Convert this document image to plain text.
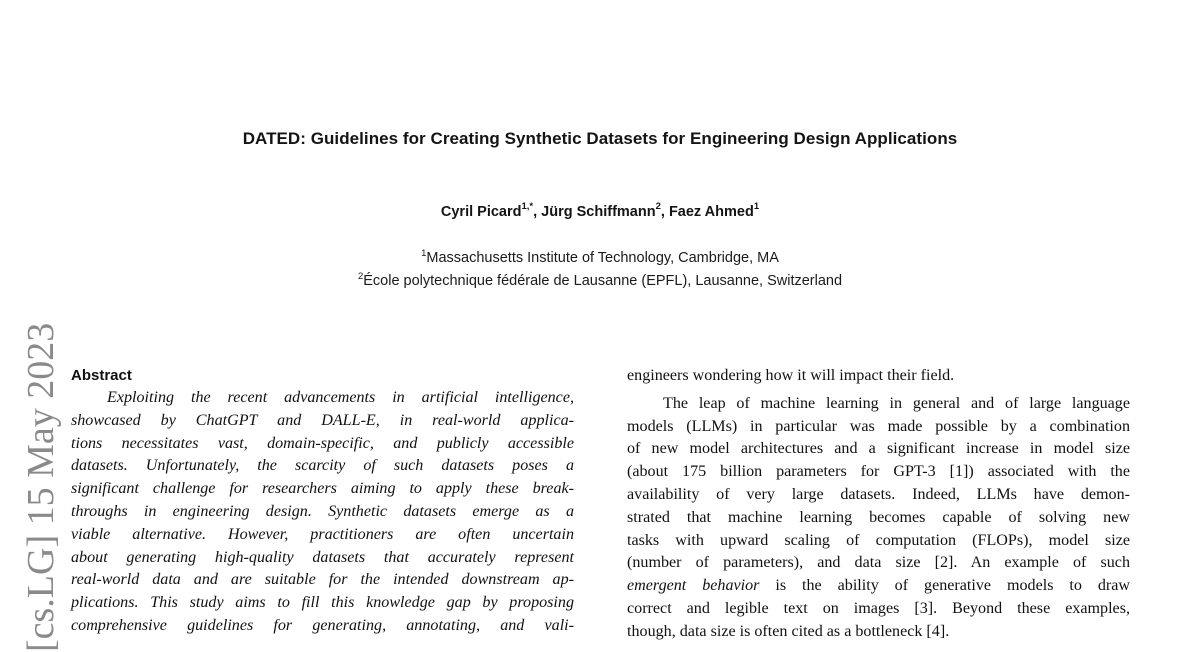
[cs.LG] 15 May 2023
DATED: Guidelines for Creating Synthetic Datasets for Engineering Design Applications
Cyril Picard$^{1,*}$, Jürg Schiffmann$^2$, Faez Ahmed$^1$
$^1$Massachusetts Institute of Technology, Cambridge, MA
$^2$École polytechnique fédérale de Lausanne (EPFL), Lausanne, Switzerland
Abstract
Exploiting the recent advancements in artificial intelligence,
showcased by ChatGPT and DALL-E, in real-world applica-
tions necessitates vast, domain-specific, and publicly accessible
datasets. Unfortunately, the scarcity of such datasets poses a
significant challenge for researchers aiming to apply these break-
throughs in engineering design. Synthetic datasets emerge as a
viable alternative. However, practitioners are often uncertain
about generating high-quality datasets that accurately represent
real-world data and are suitable for the intended downstream ap-
plications. This study aims to fill this knowledge gap by proposing
comprehensive guidelines for generating, annotating, and vali-
engineers wondering how it will impact their field.
The leap of machine learning in general and of large language
models (LLMs) in particular was made possible by a combination
of new model architectures and a significant increase in model size
(about 175 billion parameters for GPT-3 [1]) associated with the
availability of very large datasets. Indeed, LLMs have demon-
strated that machine learning becomes capable of solving new
tasks with upward scaling of computation (FLOPs), model size
(number of parameters), and data size [2]. An example of such
emergent behavior is the ability of generative models to draw
correct and legible text on images [3]. Beyond these examples,
though, data size is often cited as a bottleneck [4].
